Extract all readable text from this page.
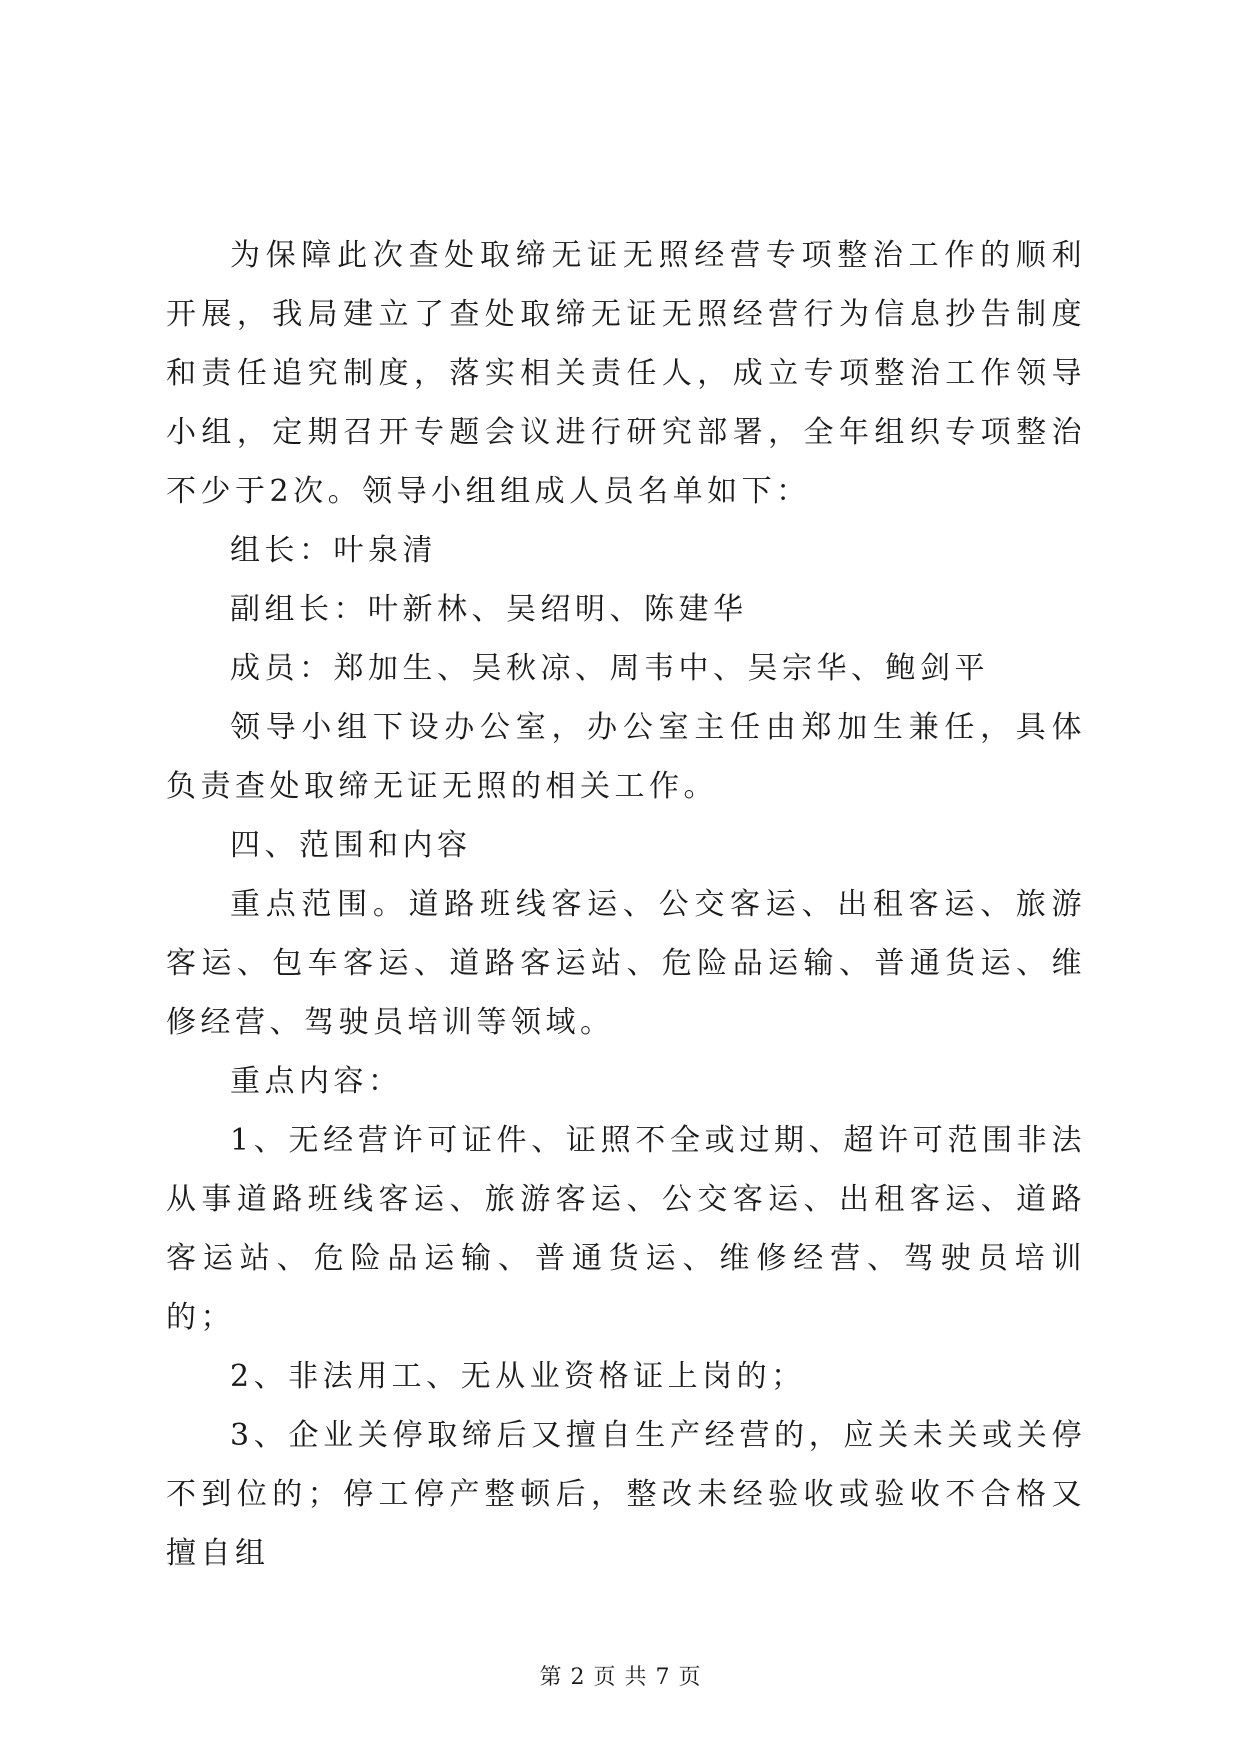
为保障此次查处取缔无证无照经营专项整治工作的顺利开展，我局建立了查处取缔无证无照经营行为信息抄告制度和责任追究制度，落实相关责任人，成立专项整治工作领导小组，定期召开专题会议进行研究部署，全年组织专项整治不少于2次。领导小组组成人员名单如下：

组长：叶泉清

副组长：叶新林、吴绍明、陈建华

成员：郑加生、吴秋凉、周韦中、吴宗华、鲍剑平

领导小组下设办公室，办公室主任由郑加生兼任，具体负责查处取缔无证无照的相关工作。

四、范围和内容

重点范围。道路班线客运、公交客运、出租客运、旅游客运、包车客运、道路客运站、危险品运输、普通货运、维修经营、驾驶员培训等领域。

重点内容：

1、无经营许可证件、证照不全或过期、超许可范围非法从事道路班线客运、旅游客运、公交客运、出租客运、道路客运站、危险品运输、普通货运、维修经营、驾驶员培训的；

2、非法用工、无从业资格证上岗的；

3、企业关停取缔后又擅自生产经营的，应关未关或关停不到位的；停工停产整顿后，整改未经验收或验收不合格又擅自组

第 2 页 共 7 页
